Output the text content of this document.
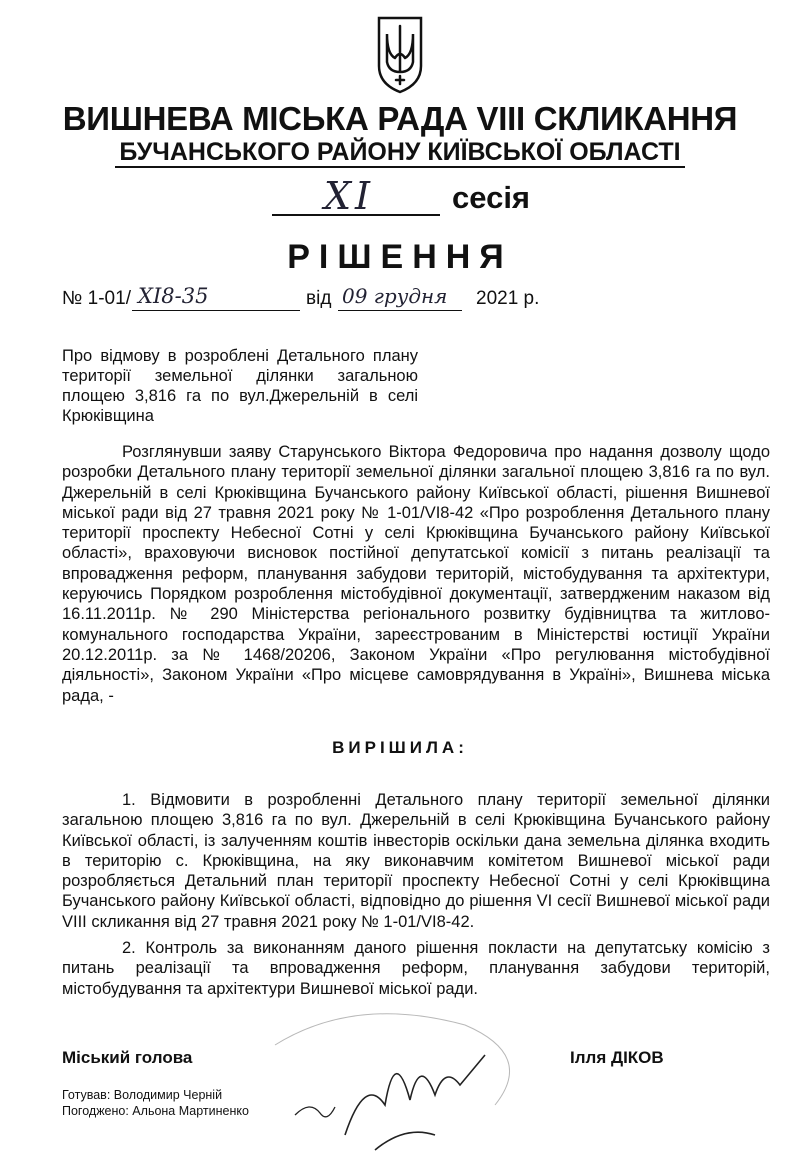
ВИШНЕВА МІСЬКА РАДА VIII СКЛИКАННЯ
БУЧАНСЬКОГО РАЙОНУ КИЇВСЬКОЇ ОБЛАСТІ
XI	сесія
РІШЕННЯ
№ 1-01/ XI8-35	від 09 грудня 2021 р.
Про відмову в розроблені Детального плану території земельної ділянки загальною площею 3,816 га по вул.Джерельній в селі Крюківщина

Розглянувши заяву Старунського Віктора Федоровича про надання дозволу щодо розробки Детального плану території земельної ділянки загальної площею 3,816 га по вул. Джерельній в селі Крюківщина Бучанського району Київської області, рішення Вишневої міської ради від 27 травня 2021 року № 1-01/VI8-42 «Про розроблення Детального плану території проспекту Небесної Сотні у селі Крюківщина Бучанського району Київської області», враховуючи висновок постійної депутатської комісії з питань реалізації та впровадження реформ, планування забудови територій, містобудування та архітектури, керуючись Порядком розроблення містобудівної документації, затвердженим наказом від 16.11.2011р. № 290 Міністерства регіонального розвитку будівництва та житлово-комунального господарства України, зареєстрованим в Міністерстві юстиції України 20.12.2011р. за № 1468/20206, Законом України «Про регулювання містобудівної діяльності», Законом України «Про місцеве самоврядування в Україні», Вишнева міська рада, -

ВИРІШИЛА:

1. Відмовити в розробленні Детального плану території земельної ділянки загальною площею 3,816 га по вул. Джерельній в селі Крюківщина Бучанського району Київської області, із залученням коштів інвесторів оскільки дана земельна ділянка входить в територію с. Крюківщина, на яку виконавчим комітетом Вишневої міської ради розробляється Детальний план території проспекту Небесної Сотні у селі Крюківщина Бучанського району Київської області, відповідно до рішення VI сесії Вишневої міської ради VIII скликання від 27 травня 2021 року № 1-01/VI8-42.

2. Контроль за виконанням даного рішення покласти на депутатську комісію з питань реалізації та впровадження реформ, планування забудови територій, містобудування та архітектури Вишневої міської ради.

Міський голова	Ілля ДІКОВ
Готував: Володимир Черній
Погоджено: Альона Мартиненко
